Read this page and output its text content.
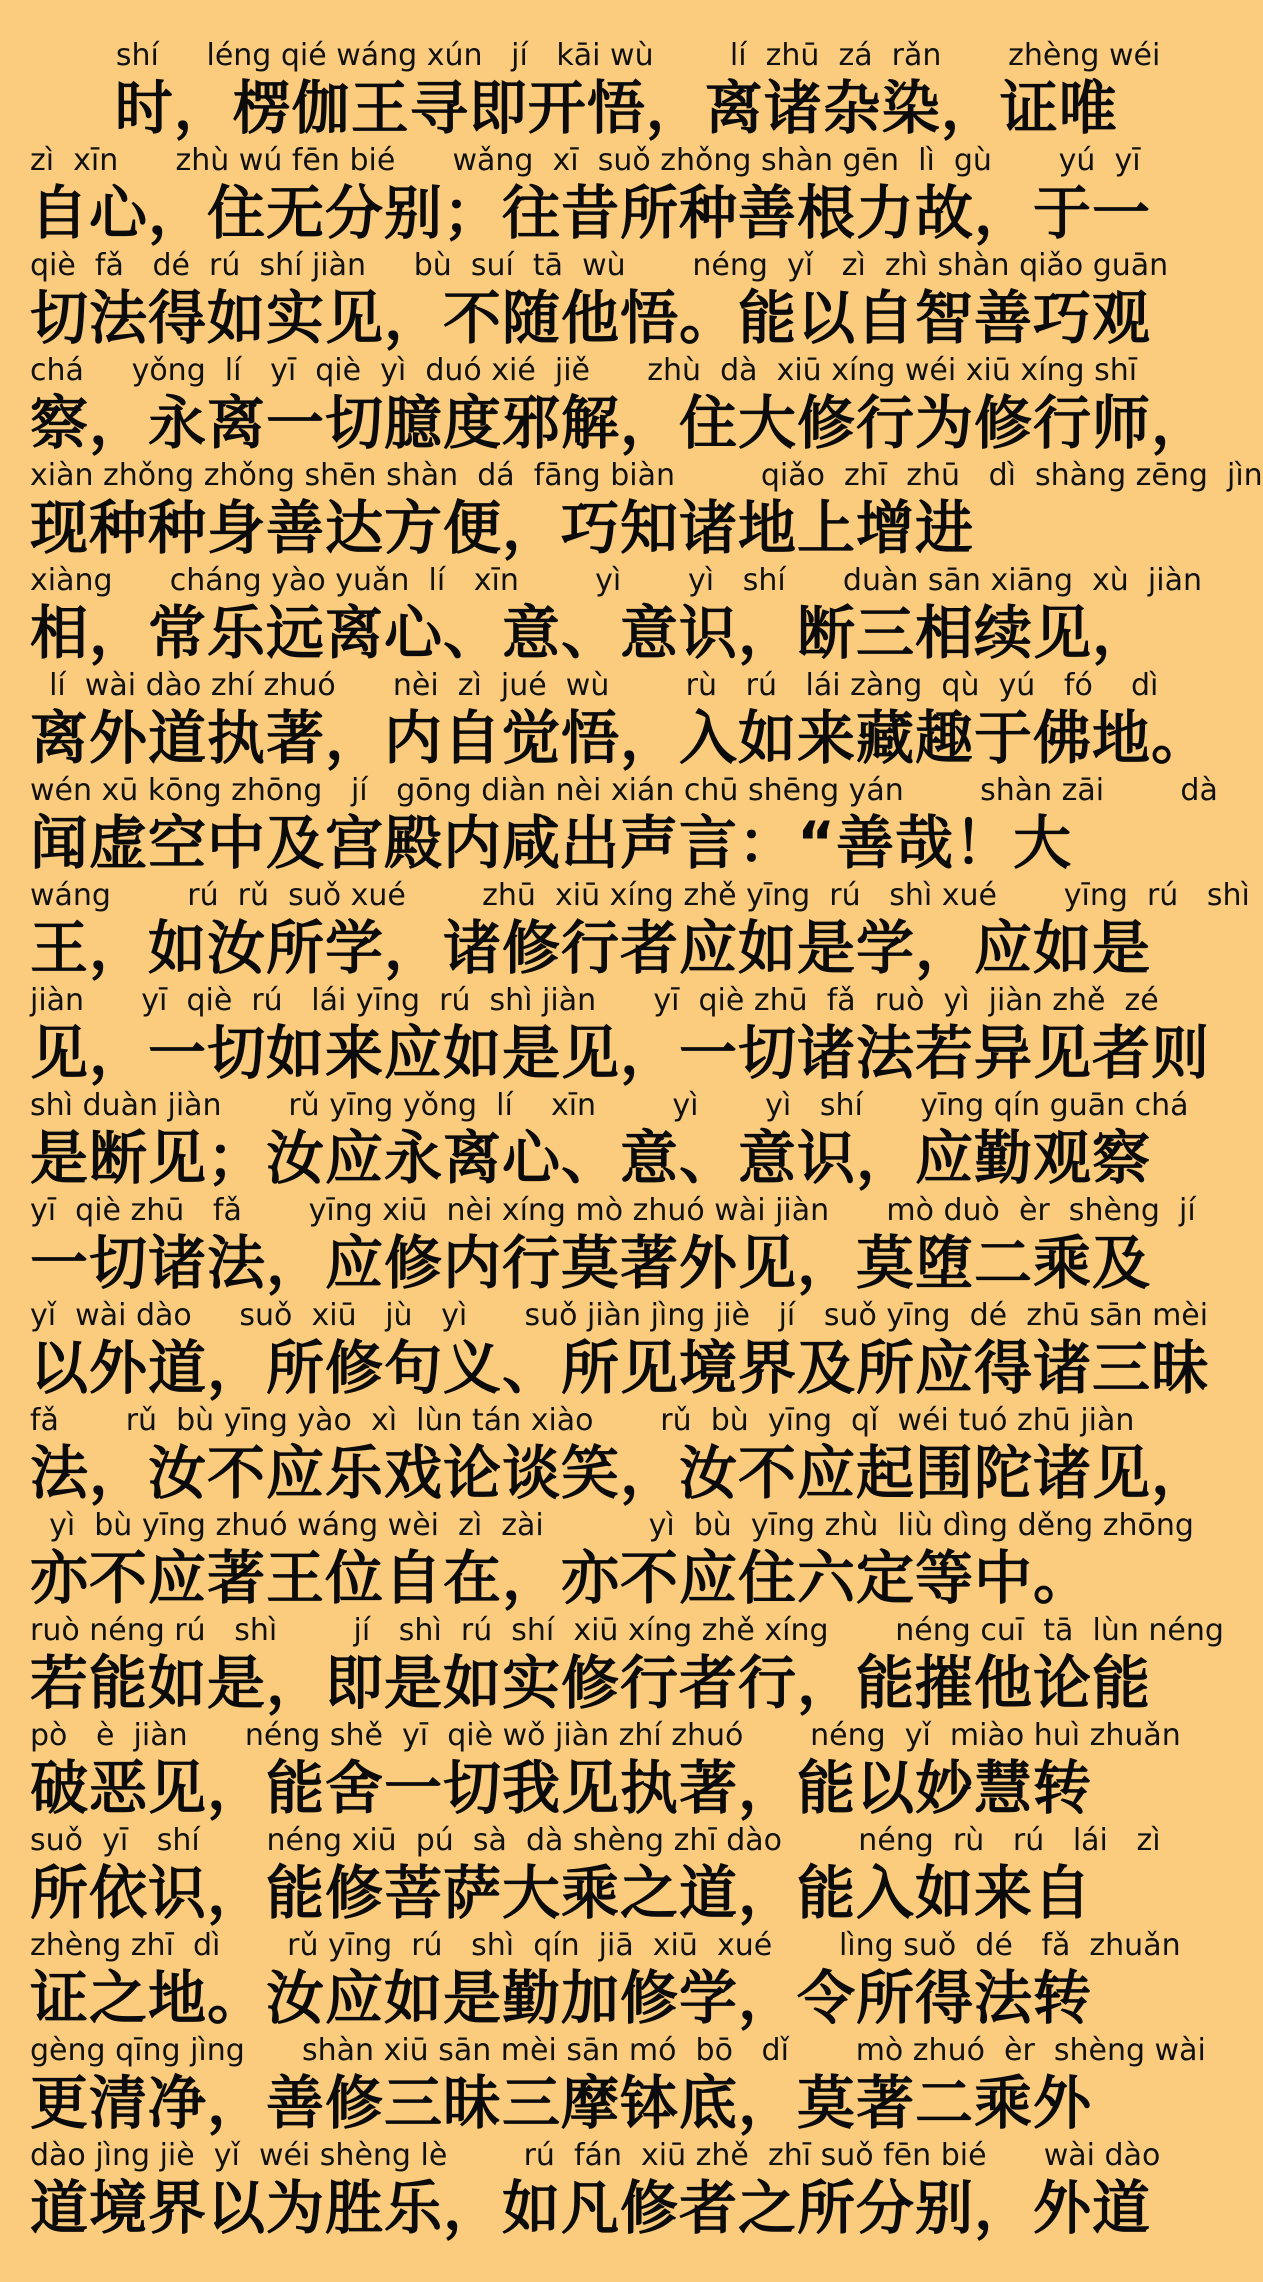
shí     léng qié wáng xún   jí   kāi wù        lí  zhū  zá  rǎn       zhèng wéi
时，楞伽王寻即开悟，离诸杂染，证唯
zì  xīn      zhù wú fēn bié      wǎng  xī  suǒ zhǒng shàn gēn  lì  gù       yú  yī
自心，住无分别；往昔所种善根力故，于一
qiè  fǎ   dé  rú  shí jiàn     bù  suí  tā  wù       néng  yǐ   zì  zhì shàn qiǎo guān
切法得如实见，不随他悟。能以自智善巧观
chá     yǒng  lí   yī  qiè  yì  duó xié  jiě      zhù  dà  xiū xíng wéi xiū xíng shī
察，永离一切臆度邪解，住大修行为修行师，
xiàn zhǒng zhǒng shēn shàn  dá  fāng biàn         qiǎo  zhī  zhū   dì  shàng zēng  jìn
现种种身善达方便，巧知诸地上增进
xiàng      cháng yào yuǎn  lí   xīn        yì       yì   shí      duàn sān xiāng  xù  jiàn
相，常乐远离心、意、意识，断三相续见，
lí  wài dào zhí zhuó      nèi  zì  jué  wù        rù   rú   lái zàng  qù  yú   fó    dì
离外道执著，内自觉悟，入如来藏趣于佛地。
wén xū kōng zhōng   jí   gōng diàn nèi xián chū shēng yán        shàn zāi        dà
闻虚空中及宫殿内咸出声言：“善哉！大
wáng        rú  rǔ  suǒ xué        zhū  xiū xíng zhě yīng  rú   shì xué       yīng  rú   shì
王，如汝所学，诸修行者应如是学，应如是
jiàn      yī  qiè  rú   lái yīng  rú  shì jiàn      yī  qiè zhū  fǎ  ruò  yì  jiàn zhě  zé
见，一切如来应如是见，一切诸法若异见者则
shì duàn jiàn       rǔ yīng yǒng  lí    xīn        yì       yì   shí      yīng qín guān chá
是断见；汝应永离心、意、意识，应勤观察
yī  qiè zhū   fǎ       yīng xiū  nèi xíng mò zhuó wài jiàn      mò duò  èr  shèng  jí
一切诸法，应修内行莫著外见，莫堕二乘及
yǐ  wài dào     suǒ  xiū   jù   yì      suǒ jiàn jìng jiè   jí   suǒ yīng  dé  zhū sān mèi
以外道，所修句义、所见境界及所应得诸三昧
fǎ       rǔ  bù yīng yào  xì  lùn tán xiào       rǔ  bù  yīng  qǐ  wéi tuó zhū jiàn
法，汝不应乐戏论谈笑，汝不应起围陀诸见，
yì  bù yīng zhuó wáng wèi  zì  zài           yì  bù  yīng zhù  liù dìng děng zhōng
亦不应著王位自在，亦不应住六定等中。
ruò néng rú   shì        jí   shì  rú  shí  xiū xíng zhě xíng       néng cuī  tā  lùn néng
若能如是，即是如实修行者行，能摧他论能
pò   è  jiàn      néng shě  yī  qiè wǒ jiàn zhí zhuó       néng  yǐ  miào huì zhuǎn
破恶见，能舍一切我见执著，能以妙慧转
suǒ  yī   shí       néng xiū  pú  sà  dà shèng zhī dào        néng  rù   rú   lái   zì
所依识，能修菩萨大乘之道，能入如来自
zhèng zhī  dì       rǔ yīng  rú   shì  qín  jiā  xiū  xué       lìng suǒ  dé   fǎ  zhuǎn
证之地。汝应如是勤加修学，令所得法转
gèng qīng jìng      shàn xiū sān mèi sān mó  bō   dǐ       mò zhuó  èr  shèng wài
更清净，善修三昧三摩钵底，莫著二乘外
dào jìng jiè  yǐ  wéi shèng lè        rú  fán  xiū zhě  zhī suǒ fēn bié      wài dào
道境界以为胜乐，如凡修者之所分别，外道
